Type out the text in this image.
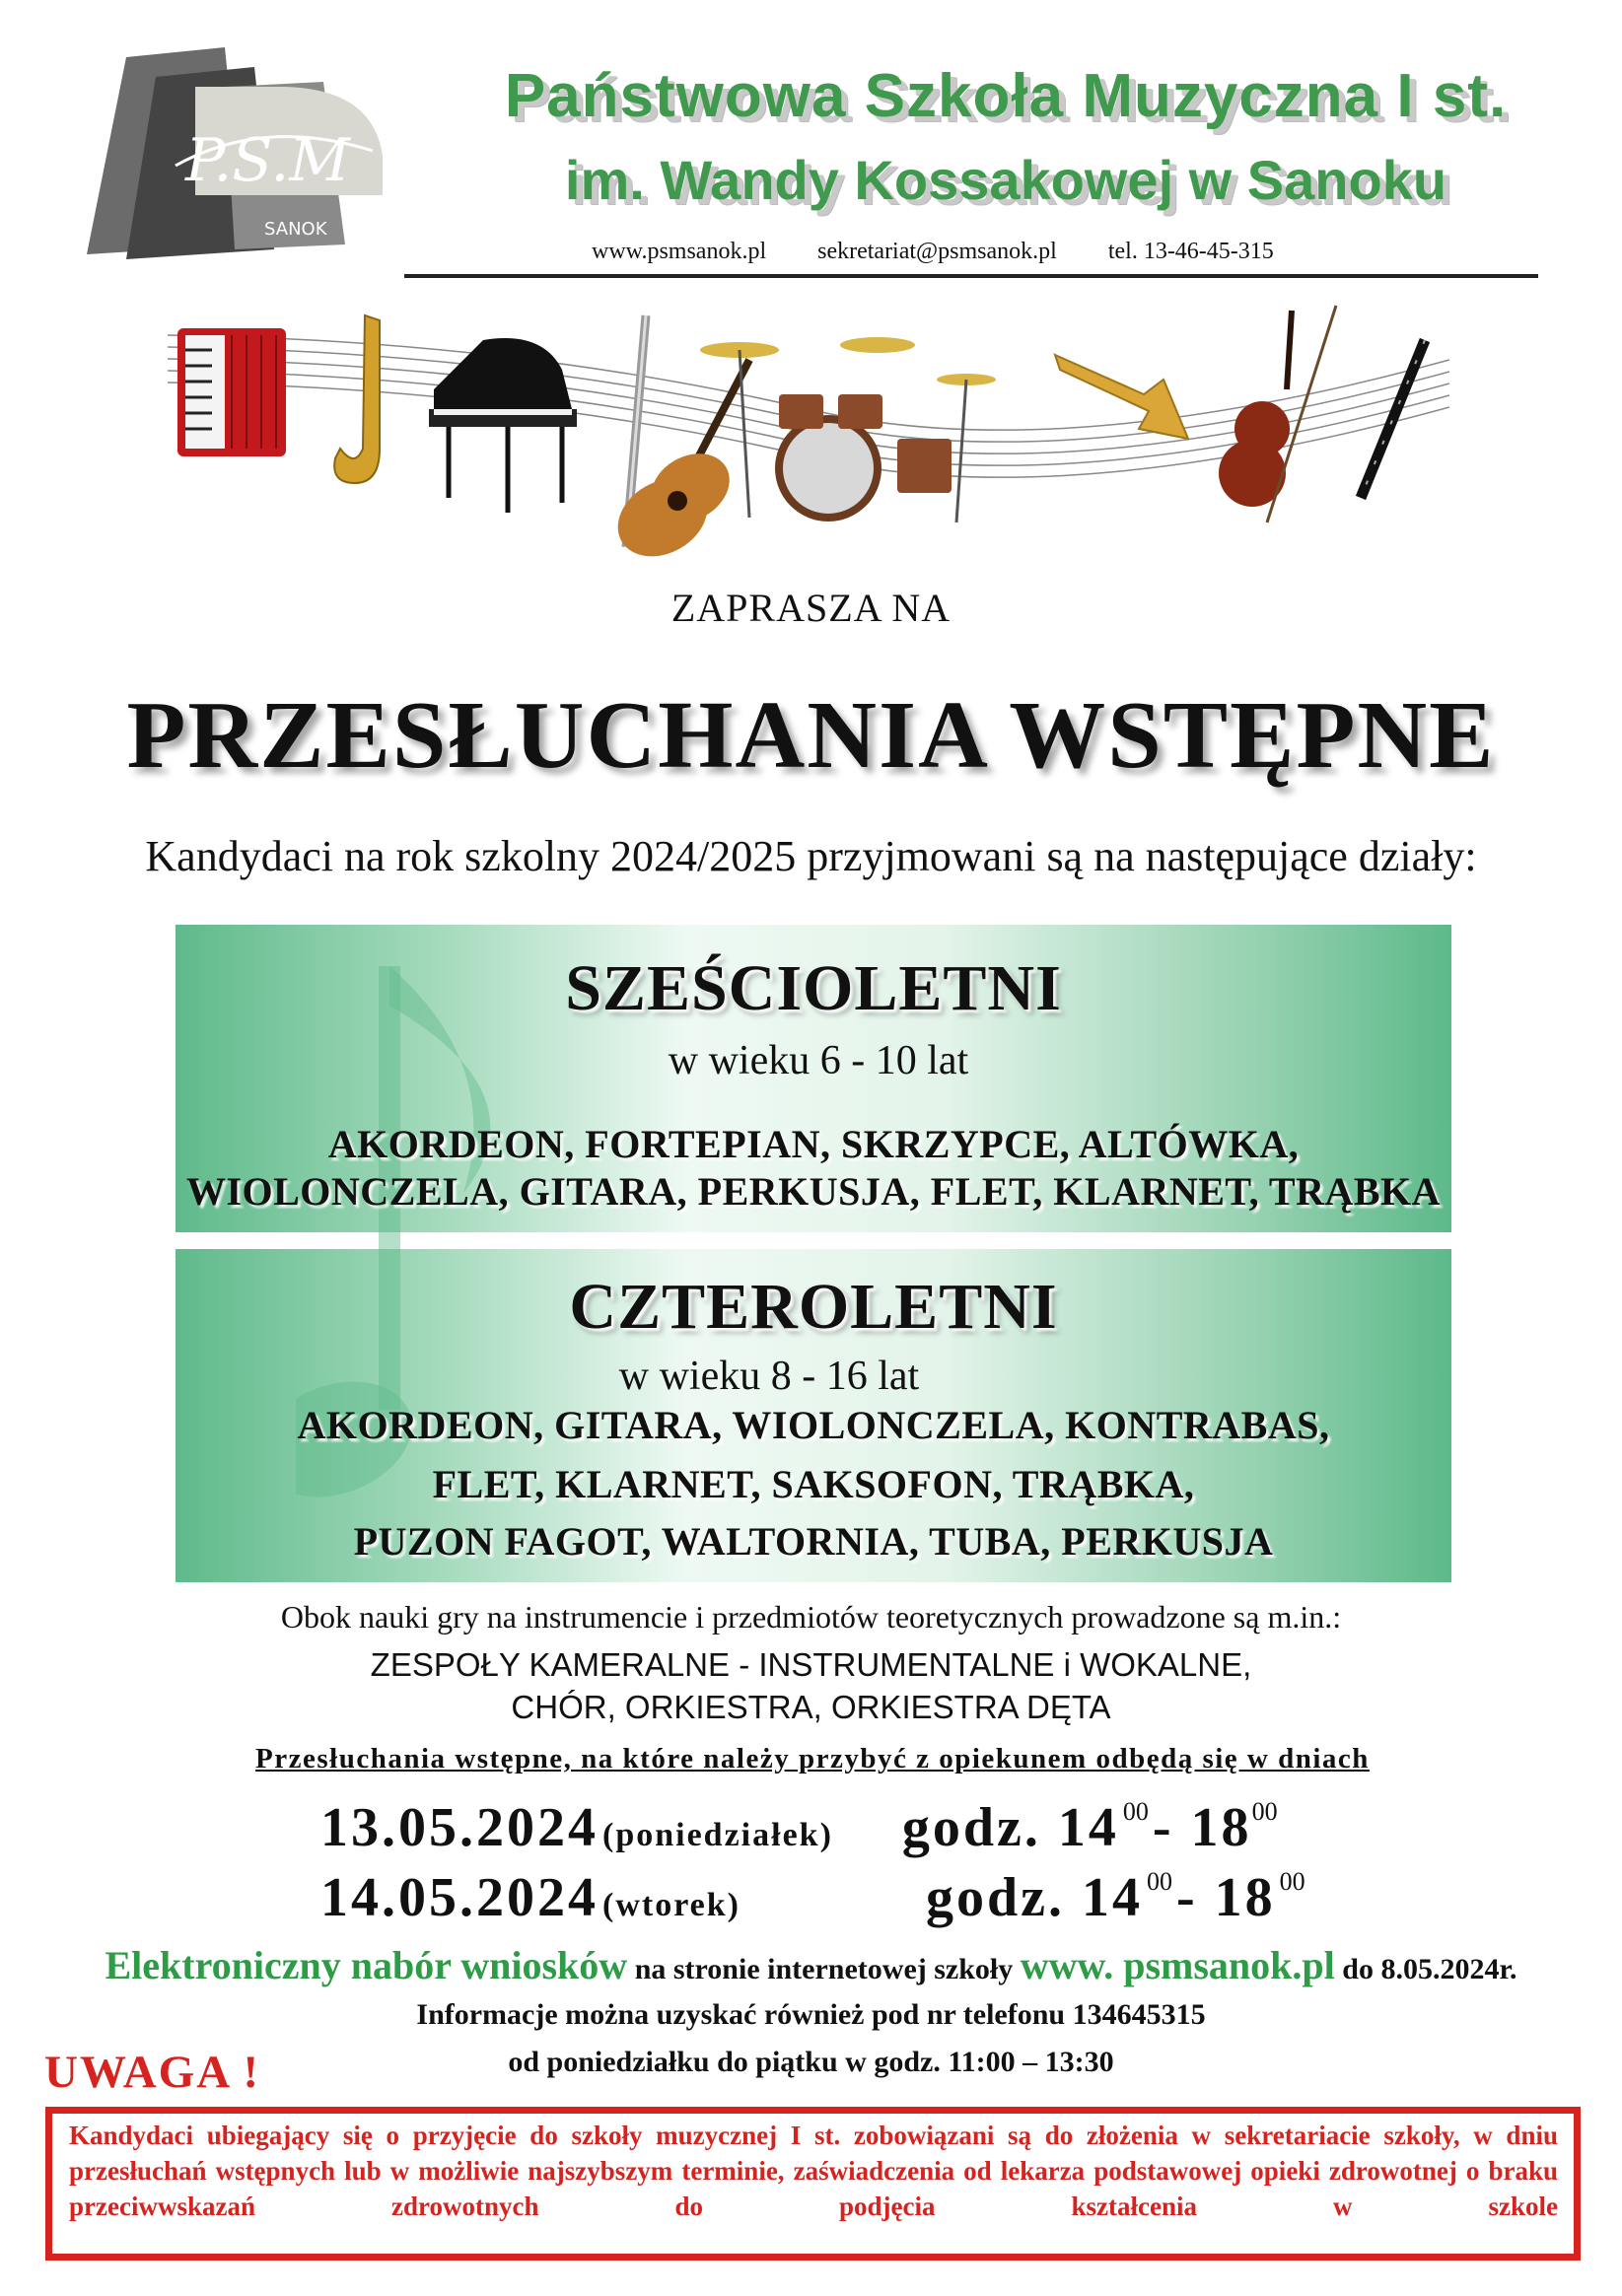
P.S.M
SANOK
Państwowa Szkoła Muzyczna I st.
im. Wandy Kossakowej w Sanoku
www.psmsanok.pl sekretariat@psmsanok.pl tel. 13-46-45-315
ZAPRASZA NA
PRZESŁUCHANIA WSTĘPNE
Kandydaci na rok szkolny 2024/2025 przyjmowani są na następujące działy:
SZEŚCIOLETNI
w wieku 6 - 10 lat
AKORDEON, FORTEPIAN, SKRZYPCE, ALTÓWKA,
WIOLONCZELA, GITARA, PERKUSJA, FLET, KLARNET, TRĄBKA
CZTEROLETNI
w wieku 8 - 16 lat
AKORDEON, GITARA, WIOLONCZELA, KONTRABAS,
FLET, KLARNET, SAKSOFON, TRĄBKA,
PUZON FAGOT, WALTORNIA, TUBA, PERKUSJA
Obok nauki gry na instrumencie i przedmiotów teoretycznych prowadzone są m.in.:
ZESPOŁY KAMERALNE - INSTRUMENTALNE i WOKALNE,
CHÓR, ORKIESTRA, ORKIESTRA DĘTA
Przesłuchania wstępne, na które należy przybyć z opiekunem odbędą się w dniach
13.05.2024 (poniedziałek) godz. 14 00 - 1800
14.05.2024 (wtorek)	godz. 14 00 - 18 00
Elektroniczny nabór wniosków na stronie internetowej szkoły www. psmsanok.pl do 8.05.2024r.
Informacje można uzyskać również pod nr telefonu 134645315
od poniedziałku do piątku w godz. 11:00 – 13:30
UWAGA !
Kandydaci ubiegający się o przyjęcie do szkoły muzycznej I st. zobowiązani są do złożenia w sekretariacie szkoły, w dniu przesłuchań wstępnych lub w możliwie najszybszym terminie, zaświadczenia od lekarza podstawowej opieki zdrowotnej o braku przeciwwskazań zdrowotnych do podjęcia kształcenia w szkole
